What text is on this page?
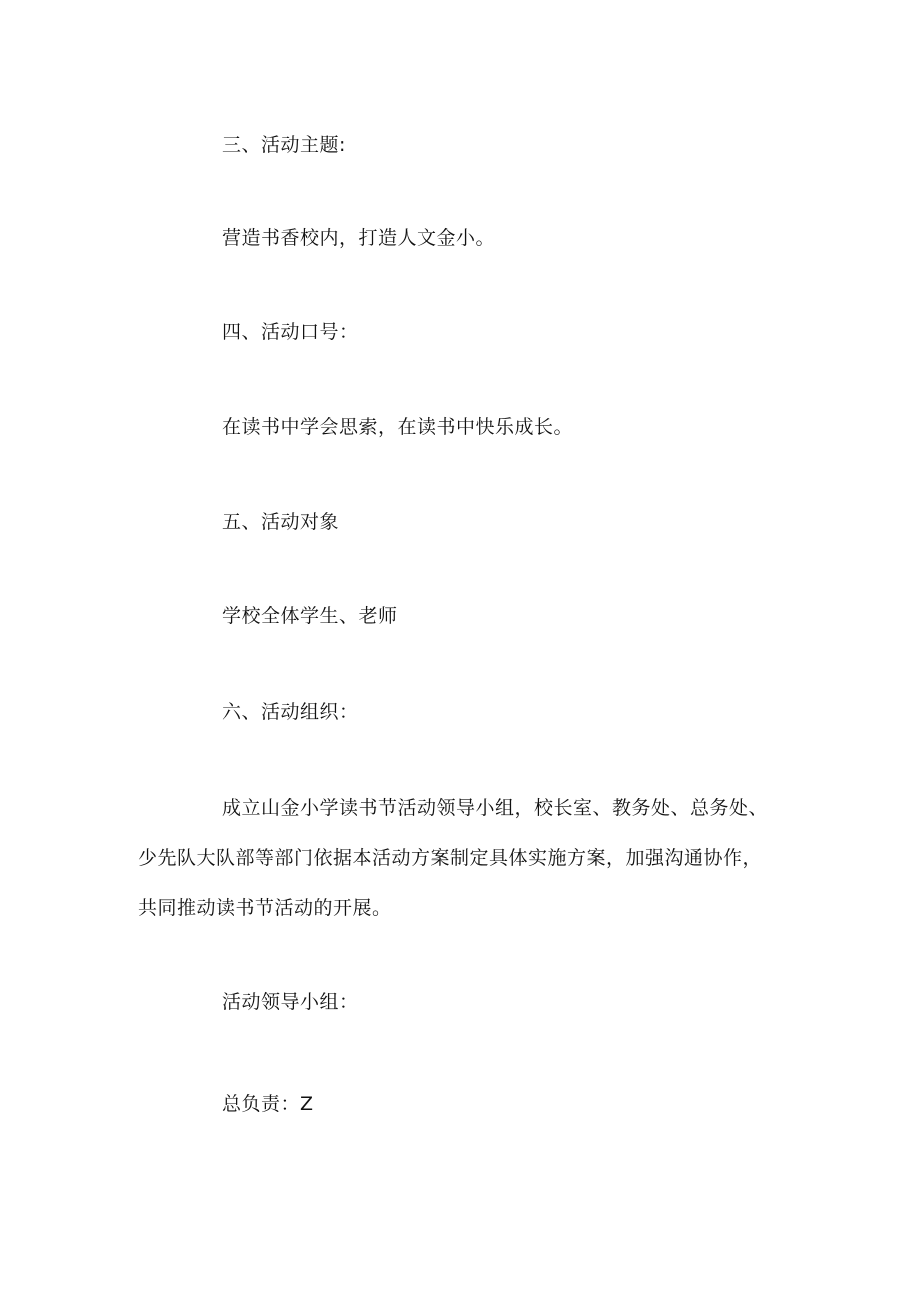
三、活动主题:
营造书香校内，打造人文金小。
四、活动口号：
在读书中学会思索，在读书中快乐成长。
五、活动对象
学校全体学生、老师
六、活动组织：
成立山金小学读书节活动领导小组，校长室、教务处、总务处、
少先队大队部等部门依据本活动方案制定具体实施方案，加强沟通协作，
共同推动读书节活动的开展。
活动领导小组：
总负责：Z
